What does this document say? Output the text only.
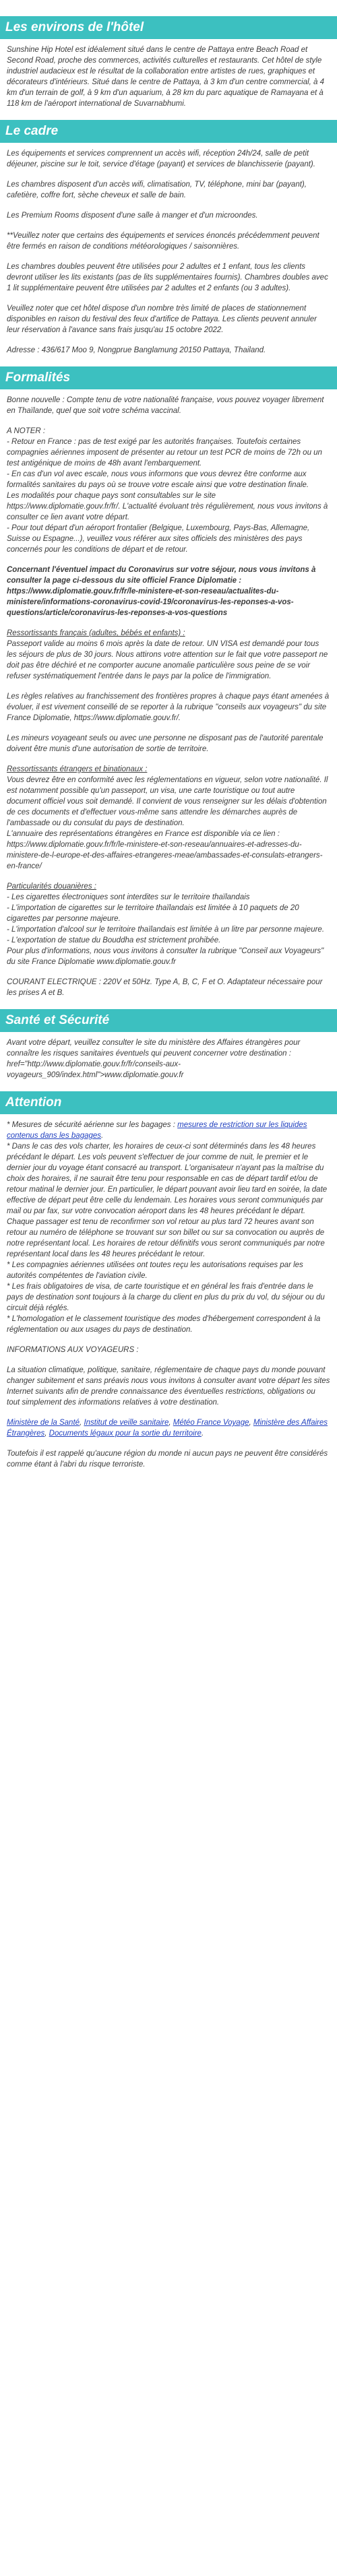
Les environs de l'hôtel

Sunshine Hip Hotel est idéalement situé dans le centre de Pattaya entre Beach Road et Second Road, proche des commerces, activités culturelles et restaurants. Cet hôtel de style industriel audacieux est le résultat de la collaboration entre artistes de rues, graphiques et décorateurs d'intérieurs. Situé dans le centre de Pattaya, à 3 km d'un centre commercial, à 4 km d'un terrain de golf, à 9 km d'un aquarium, à 28 km du parc aquatique de Ramayana et à 118 km de l'aéroport international de Suvarnabhumi.

Le cadre

Les équipements et services comprennent un accès wifi, réception 24h/24, salle de petit déjeuner, piscine sur le toit, service d'étage (payant) et services de blanchisserie (payant).

Les chambres disposent d'un accès wifi, climatisation, TV, téléphone, mini bar (payant), cafetière, coffre fort, sèche cheveux et salle de bain.

Les Premium Rooms disposent d'une salle à manger et d'un microondes.

**Veuillez noter que certains des équipements et services énoncés précédemment peuvent être fermés en raison de conditions météorologiques / saisonnières.

Les chambres doubles peuvent être utilisées pour 2 adultes et 1 enfant, tous les clients devront utiliser les lits existants (pas de lits supplémentaires fournis). Chambres doubles avec 1 lit supplémentaire peuvent être utilisées par 2 adultes et 2 enfants (ou 3 adultes).

Veuillez noter que cet hôtel dispose d'un nombre très limité de places de stationnement disponibles en raison du festival des feux d'artifice de Pattaya. Les clients peuvent annuler leur réservation à l'avance sans frais jusqu'au 15 octobre 2022.

Adresse : 436/617 Moo 9, Nongprue Banglamung 20150 Pattaya, Thailand.

Formalités

Bonne nouvelle : Compte tenu de votre nationalité française, vous pouvez voyager librement en Thaïlande, quel que soit votre schéma vaccinal.

A NOTER :

- Retour en France : pas de test exigé par les autorités françaises. Toutefois certaines compagnies aériennes imposent de présenter au retour un test PCR de moins de 72h ou un test antigénique de moins de 48h avant l'embarquement.

- En cas d'un vol avec escale, nous vous informons que vous devrez être conforme aux formalités sanitaires du pays où se trouve votre escale ainsi que votre destination finale.

Les modalités pour chaque pays sont consultables sur le site https://www.diplomatie.gouv.fr/fr/. L'actualité évoluant très régulièrement, nous vous invitons à consulter ce lien avant votre départ.

- Pour tout départ d'un aéroport frontalier (Belgique, Luxembourg, Pays-Bas, Allemagne, Suisse ou Espagne...), veuillez vous référer aux sites officiels des ministères des pays concernés pour les conditions de départ et de retour.

Concernant l'éventuel impact du Coronavirus sur votre séjour, nous vous invitons à consulter la page ci-dessous du site officiel France Diplomatie : https://www.diplomatie.gouv.fr/fr/le-ministere-et-son-reseau/actualites-du-ministere/informations-coronavirus-covid-19/coronavirus-les-reponses-a-vos-questions/article/coronavirus-les-reponses-a-vos-questions

Ressortissants français (adultes, bébés et enfants) :

Passeport valide au moins 6 mois après la date de retour. UN VISA est demandé pour tous les séjours de plus de 30 jours. Nous attirons votre attention sur le fait que votre passeport ne doit pas être déchiré et ne comporter aucune anomalie particulière sous peine de se voir refuser systématiquement l'entrée dans le pays par la police de l'immigration.

Les règles relatives au franchissement des frontières propres à chaque pays étant amenées à évoluer, il est vivement conseillé de se reporter à la rubrique "conseils aux voyageurs" du site France Diplomatie, https://www.diplomatie.gouv.fr/.

Les mineurs voyageant seuls ou avec une personne ne disposant pas de l'autorité parentale doivent être munis d'une autorisation de sortie de territoire.

Ressortissants étrangers et binationaux :

Vous devrez être en conformité avec les réglementations en vigueur, selon votre nationalité. Il est notamment possible qu'un passeport, un visa, une carte touristique ou tout autre document officiel vous soit demandé. Il convient de vous renseigner sur les délais d'obtention de ces documents et d'effectuer vous-même sans attendre les démarches auprès de l'ambassade ou du consulat du pays de destination.

L'annuaire des représentations étrangères en France est disponible via ce lien : https://www.diplomatie.gouv.fr/fr/le-ministere-et-son-reseau/annuaires-et-adresses-du-ministere-de-l-europe-et-des-affaires-etrangeres-meae/ambassades-et-consulats-etrangers-en-france/

Particularités douanières :

- Les cigarettes électroniques sont interdites sur le territoire thaïlandais

- L'importation de cigarettes sur le territoire thaïlandais est limitée à 10 paquets de 20 cigarettes par personne majeure.

- L'importation d'alcool sur le territoire thaïlandais est limitée à un litre par personne majeure.

- L'exportation de statue du Bouddha est strictement prohibée.

Pour plus d'informations, nous vous invitons à consulter la rubrique "Conseil aux Voyageurs" du site France Diplomatie www.diplomatie.gouv.fr

COURANT ELECTRIQUE : 220V et 50Hz. Type A, B, C, F et O. Adaptateur nécessaire pour les prises A et B.

Santé et Sécurité

Avant votre départ, veuillez consulter le site du ministère des Affaires étrangères pour connaître les risques sanitaires éventuels qui peuvent concerner votre destination : href="http://www.diplomatie.gouv.fr/fr/conseils-aux-voyageurs_909/index.html">www.diplomatie.gouv.fr

Attention

* Mesures de sécurité aérienne sur les bagages : mesures de restriction sur les liquides contenus dans les bagages.

* Dans le cas des vols charter, les horaires de ceux-ci sont déterminés dans les 48 heures précédant le départ. Les vols peuvent s'effectuer de jour comme de nuit, le premier et le dernier jour du voyage étant consacré au transport. L'organisateur n'ayant pas la maîtrise du choix des horaires, il ne saurait être tenu pour responsable en cas de départ tardif et/ou de retour matinal le dernier jour. En particulier, le départ pouvant avoir lieu tard en soirée, la date effective de départ peut être celle du lendemain. Les horaires vous seront communiqués par mail ou par fax, sur votre convocation aéroport dans les 48 heures précédant le départ. Chaque passager est tenu de reconfirmer son vol retour au plus tard 72 heures avant son retour au numéro de téléphone se trouvant sur son billet ou sur sa convocation ou auprès de notre représentant local. Les horaires de retour définitifs vous seront communiqués par notre représentant local dans les 48 heures précédant le retour.

* Les compagnies aériennes utilisées ont toutes reçu les autorisations requises par les autorités compétentes de l'aviation civile.

* Les frais obligatoires de visa, de carte touristique et en général les frais d'entrée dans le pays de destination sont toujours à la charge du client en plus du prix du vol, du séjour ou du circuit déjà réglés.

* L'homologation et le classement touristique des modes d'hébergement correspondent à la réglementation ou aux usages du pays de destination.

INFORMATIONS AUX VOYAGEURS :

La situation climatique, politique, sanitaire, réglementaire de chaque pays du monde pouvant changer subitement et sans préavis nous vous invitons à consulter avant votre départ les sites Internet suivants afin de prendre connaissance des éventuelles restrictions, obligations ou tout simplement des informations relatives à votre destination.

Ministère de la Santé, Institut de veille sanitaire, Météo France Voyage, Ministère des Affaires Étrangères, Documents légaux pour la sortie du territoire.

Toutefois il est rappelé qu'aucune région du monde ni aucun pays ne peuvent être considérés comme étant à l'abri du risque terroriste.
